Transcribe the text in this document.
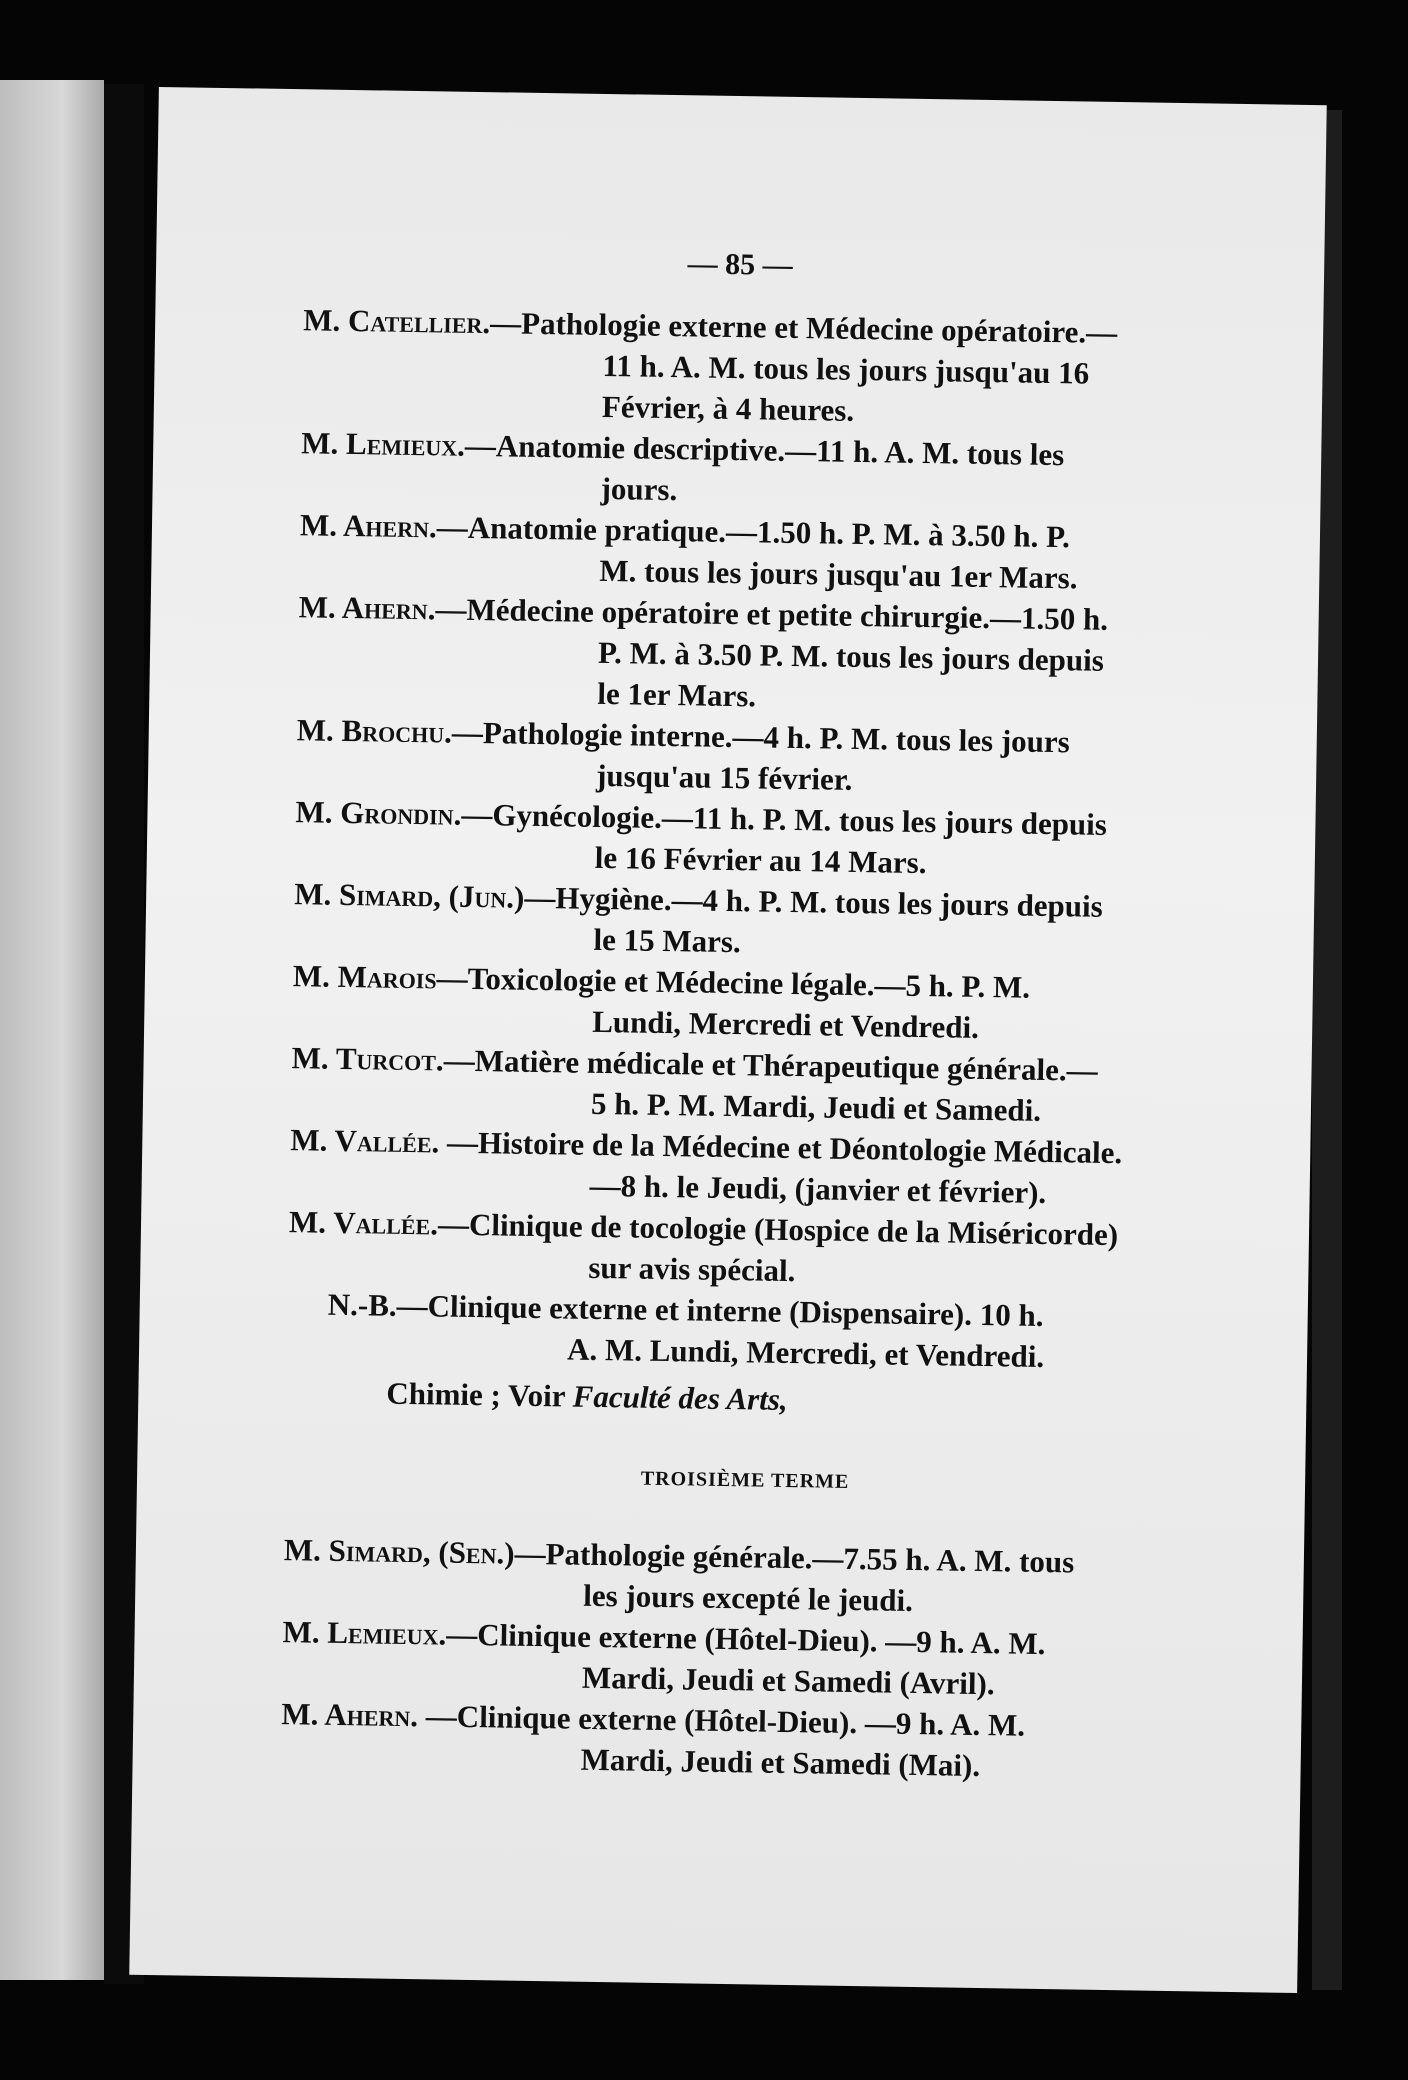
— 85 —
M. Catellier.—Pathologie externe et Médecine opératoire.—
11 h. A. M. tous les jours jusqu'au 16
Février, à 4 heures.
M. Lemieux.—Anatomie descriptive.—11 h. A. M. tous les
jours.
M. Ahern.—Anatomie pratique.—1.50 h. P. M. à 3.50 h. P.
M. tous les jours jusqu'au 1er Mars.
M. Ahern.—Médecine opératoire et petite chirurgie.—1.50 h.
P. M. à 3.50 P. M. tous les jours depuis
le 1er Mars.
M. Brochu.—Pathologie interne.—4 h. P. M. tous les jours
jusqu'au 15 février.
M. Grondin.—Gynécologie.—11 h. P. M. tous les jours depuis
le 16 Février au 14 Mars.
M. Simard, (Jun.)—Hygiène.—4 h. P. M. tous les jours depuis
le 15 Mars.
M. Marois—Toxicologie et Médecine légale.—5 h. P. M.
Lundi, Mercredi et Vendredi.
M. Turcot.—Matière médicale et Thérapeutique générale.—
5 h. P. M. Mardi, Jeudi et Samedi.
M. Vallée. —Histoire de la Médecine et Déontologie Médicale.
—8 h. le Jeudi, (janvier et février).
M. Vallée.—Clinique de tocologie (Hospice de la Miséricorde)
sur avis spécial.
N.-B.—Clinique externe et interne (Dispensaire). 10 h.
A. M. Lundi, Mercredi, et Vendredi.
Chimie ; Voir Faculté des Arts,
TROISIÈME TERME
M. Simard, (Sen.)—Pathologie générale.—7.55 h. A. M. tous
les jours excepté le jeudi.
M. Lemieux.—Clinique externe (Hôtel-Dieu). —9 h. A. M.
Mardi, Jeudi et Samedi (Avril).
M. Ahern. —Clinique externe (Hôtel-Dieu). —9 h. A. M.
Mardi, Jeudi et Samedi (Mai).
